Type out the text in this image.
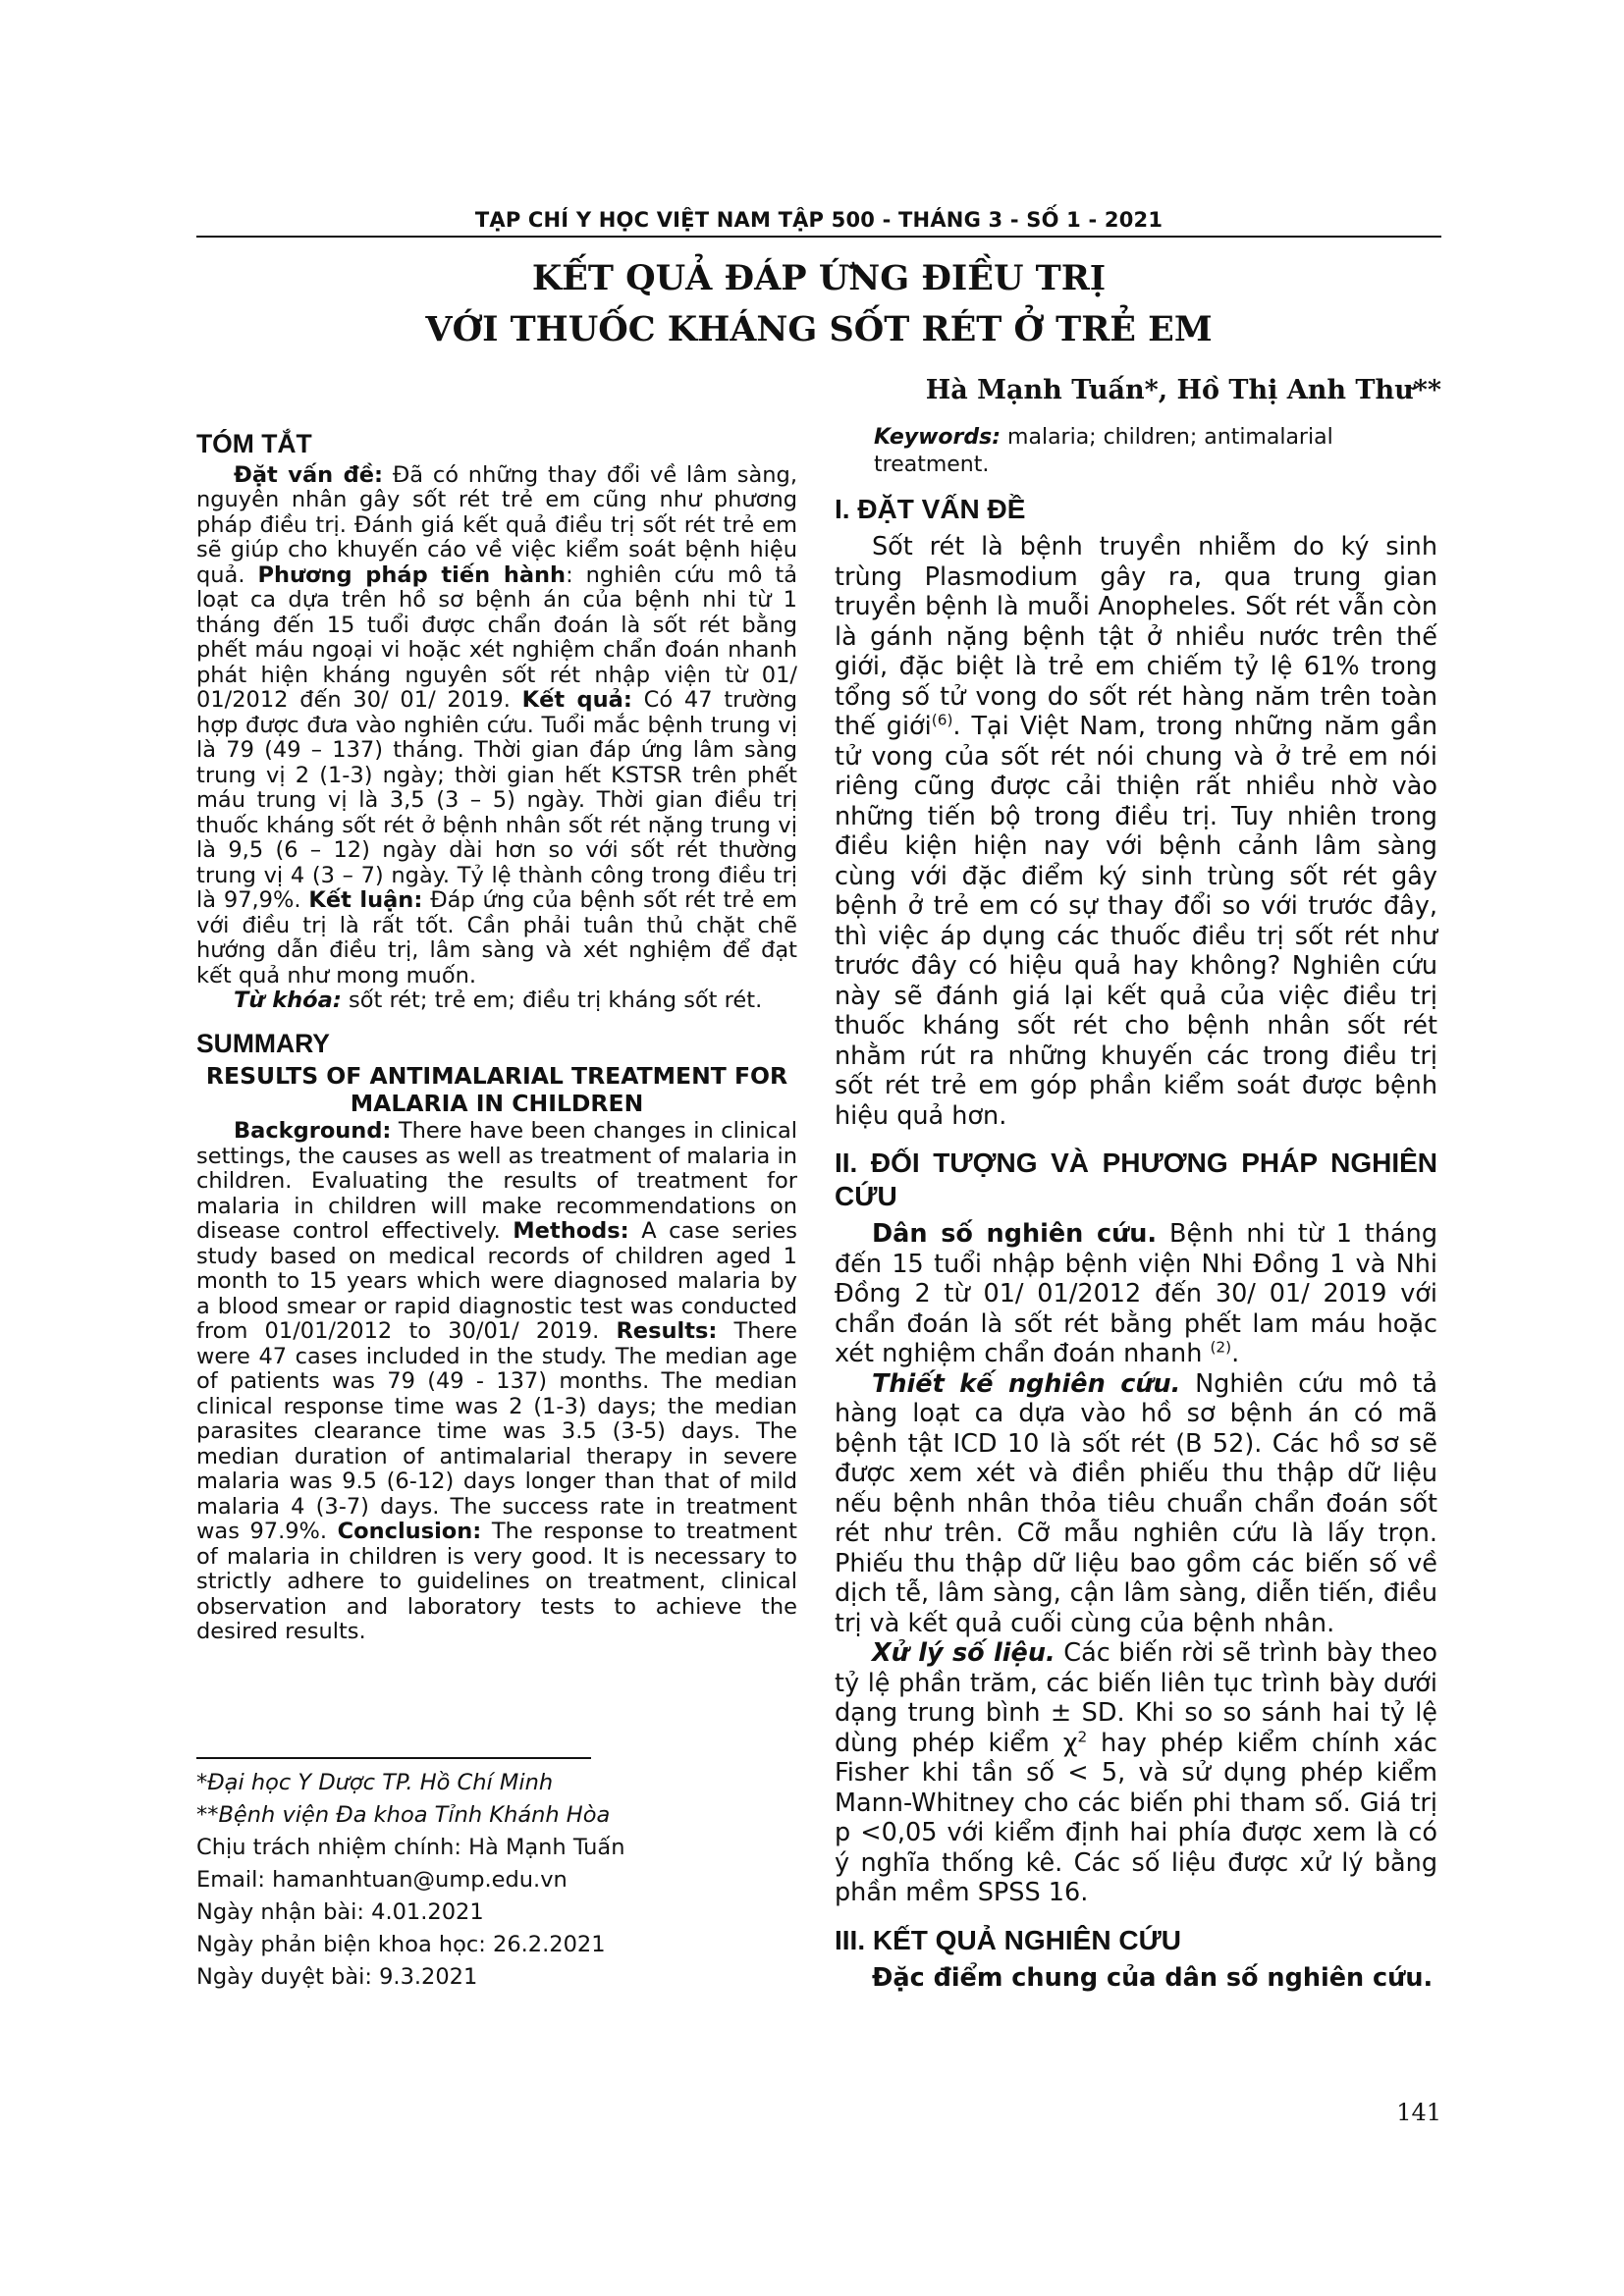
TẠP CHÍ Y HỌC VIỆT NAM TẬP 500 - THÁNG 3 - SỐ 1 - 2021
KẾT QUẢ ĐÁP ỨNG ĐIỀU TRỊ
VỚI THUỐC KHÁNG SỐT RÉT Ở TRẺ EM
Hà Mạnh Tuấn*, Hồ Thị Anh Thư**
TÓM TẮT

Đặt vấn đề: Đã có những thay đổi về lâm sàng, nguyên nhân gây sốt rét trẻ em cũng như phương pháp điều trị. Đánh giá kết quả điều trị sốt rét trẻ em sẽ giúp cho khuyến cáo về việc kiểm soát bệnh hiệu quả. Phương pháp tiến hành: nghiên cứu mô tả loạt ca dựa trên hồ sơ bệnh án của bệnh nhi từ 1 tháng đến 15 tuổi được chẩn đoán là sốt rét bằng phết máu ngoại vi hoặc xét nghiệm chẩn đoán nhanh phát hiện kháng nguyên sốt rét nhập viện từ 01/ 01/2012 đến 30/ 01/ 2019. Kết quả: Có 47 trường hợp được đưa vào nghiên cứu. Tuổi mắc bệnh trung vị là 79 (49 – 137) tháng. Thời gian đáp ứng lâm sàng trung vị 2 (1-3) ngày; thời gian hết KSTSR trên phết máu trung vị là 3,5 (3 – 5) ngày. Thời gian điều trị thuốc kháng sốt rét ở bệnh nhân sốt rét nặng trung vị là 9,5 (6 – 12) ngày dài hơn so với sốt rét thường trung vị 4 (3 – 7) ngày. Tỷ lệ thành công trong điều trị là 97,9%. Kết luận: Đáp ứng của bệnh sốt rét trẻ em với điều trị là rất tốt. Cần phải tuân thủ chặt chẽ hướng dẫn điều trị, lâm sàng và xét nghiệm để đạt kết quả như mong muốn.

Từ khóa: sốt rét; trẻ em; điều trị kháng sốt rét.

SUMMARY
RESULTS OF ANTIMALARIAL TREATMENT FOR MALARIA IN CHILDREN

Background: There have been changes in clinical settings, the causes as well as treatment of malaria in children. Evaluating the results of treatment for malaria in children will make recommendations on disease control effectively. Methods: A case series study based on medical records of children aged 1 month to 15 years which were diagnosed malaria by a blood smear or rapid diagnostic test was conducted from 01/01/2012 to 30/01/ 2019. Results: There were 47 cases included in the study. The median age of patients was 79 (49 - 137) months. The median clinical response time was 2 (1-3) days; the median parasites clearance time was 3.5 (3-5) days. The median duration of antimalarial therapy in severe malaria was 9.5 (6-12) days longer than that of mild malaria 4 (3-7) days. The success rate in treatment was 97.9%. Conclusion: The response to treatment of malaria in children is very good. It is necessary to strictly adhere to guidelines on treatment, clinical observation and laboratory tests to achieve the desired results.

*Đại học Y Dược TP. Hồ Chí Minh
**Bệnh viện Đa khoa Tỉnh Khánh Hòa
Chịu trách nhiệm chính: Hà Mạnh Tuấn
Email: hamanhtuan@ump.edu.vn
Ngày nhận bài: 4.01.2021
Ngày phản biện khoa học: 26.2.2021
Ngày duyệt bài: 9.3.2021
Keywords: malaria; children; antimalarial treatment.
I. ĐẶT VẤN ĐỀ

Sốt rét là bệnh truyền nhiễm do ký sinh trùng Plasmodium gây ra, qua trung gian truyền bệnh là muỗi Anopheles. Sốt rét vẫn còn là gánh nặng bệnh tật ở nhiều nước trên thế giới, đặc biệt là trẻ em chiếm tỷ lệ 61% trong tổng số tử vong do sốt rét hàng năm trên toàn thế giới$^{(6)}$. Tại Việt Nam, trong những năm gần tử vong của sốt rét nói chung và ở trẻ em nói riêng cũng được cải thiện rất nhiều nhờ vào những tiến bộ trong điều trị. Tuy nhiên trong điều kiện hiện nay với bệnh cảnh lâm sàng cùng với đặc điểm ký sinh trùng sốt rét gây bệnh ở trẻ em có sự thay đổi so với trước đây, thì việc áp dụng các thuốc điều trị sốt rét như trước đây có hiệu quả hay không? Nghiên cứu này sẽ đánh giá lại kết quả của việc điều trị thuốc kháng sốt rét cho bệnh nhân sốt rét nhằm rút ra những khuyến các trong điều trị sốt rét trẻ em góp phần kiểm soát được bệnh hiệu quả hơn.

II. ĐỐI TƯỢNG VÀ PHƯƠNG PHÁP NGHIÊN CỨU

Dân số nghiên cứu. Bệnh nhi từ 1 tháng đến 15 tuổi nhập bệnh viện Nhi Đồng 1 và Nhi Đồng 2 từ 01/ 01/2012 đến 30/ 01/ 2019 với chẩn đoán là sốt rét bằng phết lam máu hoặc xét nghiệm chẩn đoán nhanh $^{(2)}$.

Thiết kế nghiên cứu. Nghiên cứu mô tả hàng loạt ca dựa vào hồ sơ bệnh án có mã bệnh tật ICD 10 là sốt rét (B 52). Các hồ sơ sẽ được xem xét và điền phiếu thu thập dữ liệu nếu bệnh nhân thỏa tiêu chuẩn chẩn đoán sốt rét như trên. Cỡ mẫu nghiên cứu là lấy trọn. Phiếu thu thập dữ liệu bao gồm các biến số về dịch tễ, lâm sàng, cận lâm sàng, diễn tiến, điều trị và kết quả cuối cùng của bệnh nhân.

Xử lý số liệu. Các biến rời sẽ trình bày theo tỷ lệ phần trăm, các biến liên tục trình bày dưới dạng trung bình ± SD. Khi so so sánh hai tỷ lệ dùng phép kiểm $\chi^2$ hay phép kiểm chính xác Fisher khi tần số < 5, và sử dụng phép kiểm Mann-Whitney cho các biến phi tham số. Giá trị p <0,05 với kiểm định hai phía được xem là có ý nghĩa thống kê. Các số liệu được xử lý bằng phần mềm SPSS 16.

III. KẾT QUẢ NGHIÊN CỨU

Đặc điểm chung của dân số nghiên cứu.

141
